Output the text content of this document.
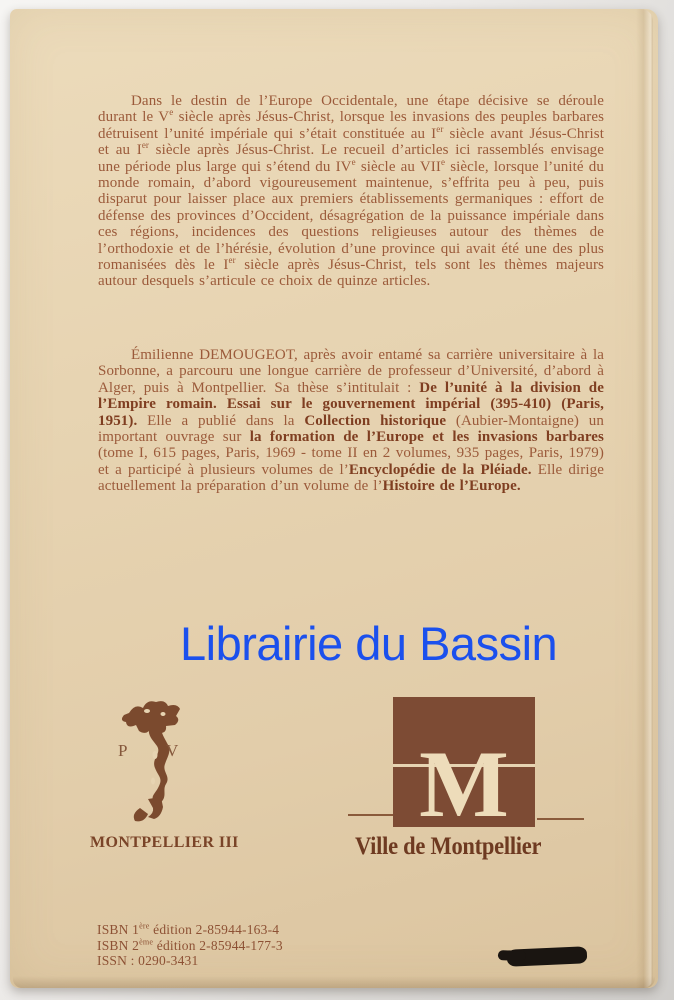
Dans le destin de l’Europe Occidentale, une étape décisive se déroule durant le Ve siècle après Jésus-Christ, lorsque les invasions des peuples barbares détruisent l’unité impériale qui s’était constituée au Ier siècle avant Jésus-Christ et au Ier siècle après Jésus-Christ. Le recueil d’articles ici rassemblés envisage une période plus large qui s’étend du IVe siècle au VIIe siècle, lorsque l’unité du monde romain, d’abord vigoureusement maintenue, s’effrita peu à peu, puis disparut pour laisser place aux premiers établissements germaniques : effort de défense des provinces d’Occident, désagrégation de la puissance impériale dans ces régions, incidences des questions religieuses autour des thèmes de l’orthodoxie et de l’hérésie, évolution d’une province qui avait été une des plus romanisées dès le Ier siècle après Jésus-Christ, tels sont les thèmes majeurs autour desquels s’articule ce choix de quinze articles.
Émilienne DEMOUGEOT, après avoir entamé sa carrière universitaire à la Sorbonne, a parcouru une longue carrière de professeur d’Université, d’abord à Alger, puis à Montpellier. Sa thèse s’intitulait : De l’unité à la division de l’Empire romain. Essai sur le gouvernement impérial (395-410) (Paris, 1951). Elle a publié dans la Collection historique (Aubier-Montaigne) un important ouvrage sur la formation de l’Europe et les invasions barbares (tome I, 615 pages, Paris, 1969 - tome II en 2 volumes, 935 pages, Paris, 1979) et a participé à plusieurs volumes de l’Encyclopédie de la Pléiade. Elle dirige actuellement la préparation d’un volume de l’Histoire de l’Europe.
Librairie du Bassin
P V
MONTPELLIER III
M
Ville de Montpellier
ISBN 1ère édition 2-85944-163-4
ISBN 2ème édition 2-85944-177-3
ISSN : 0290-3431
